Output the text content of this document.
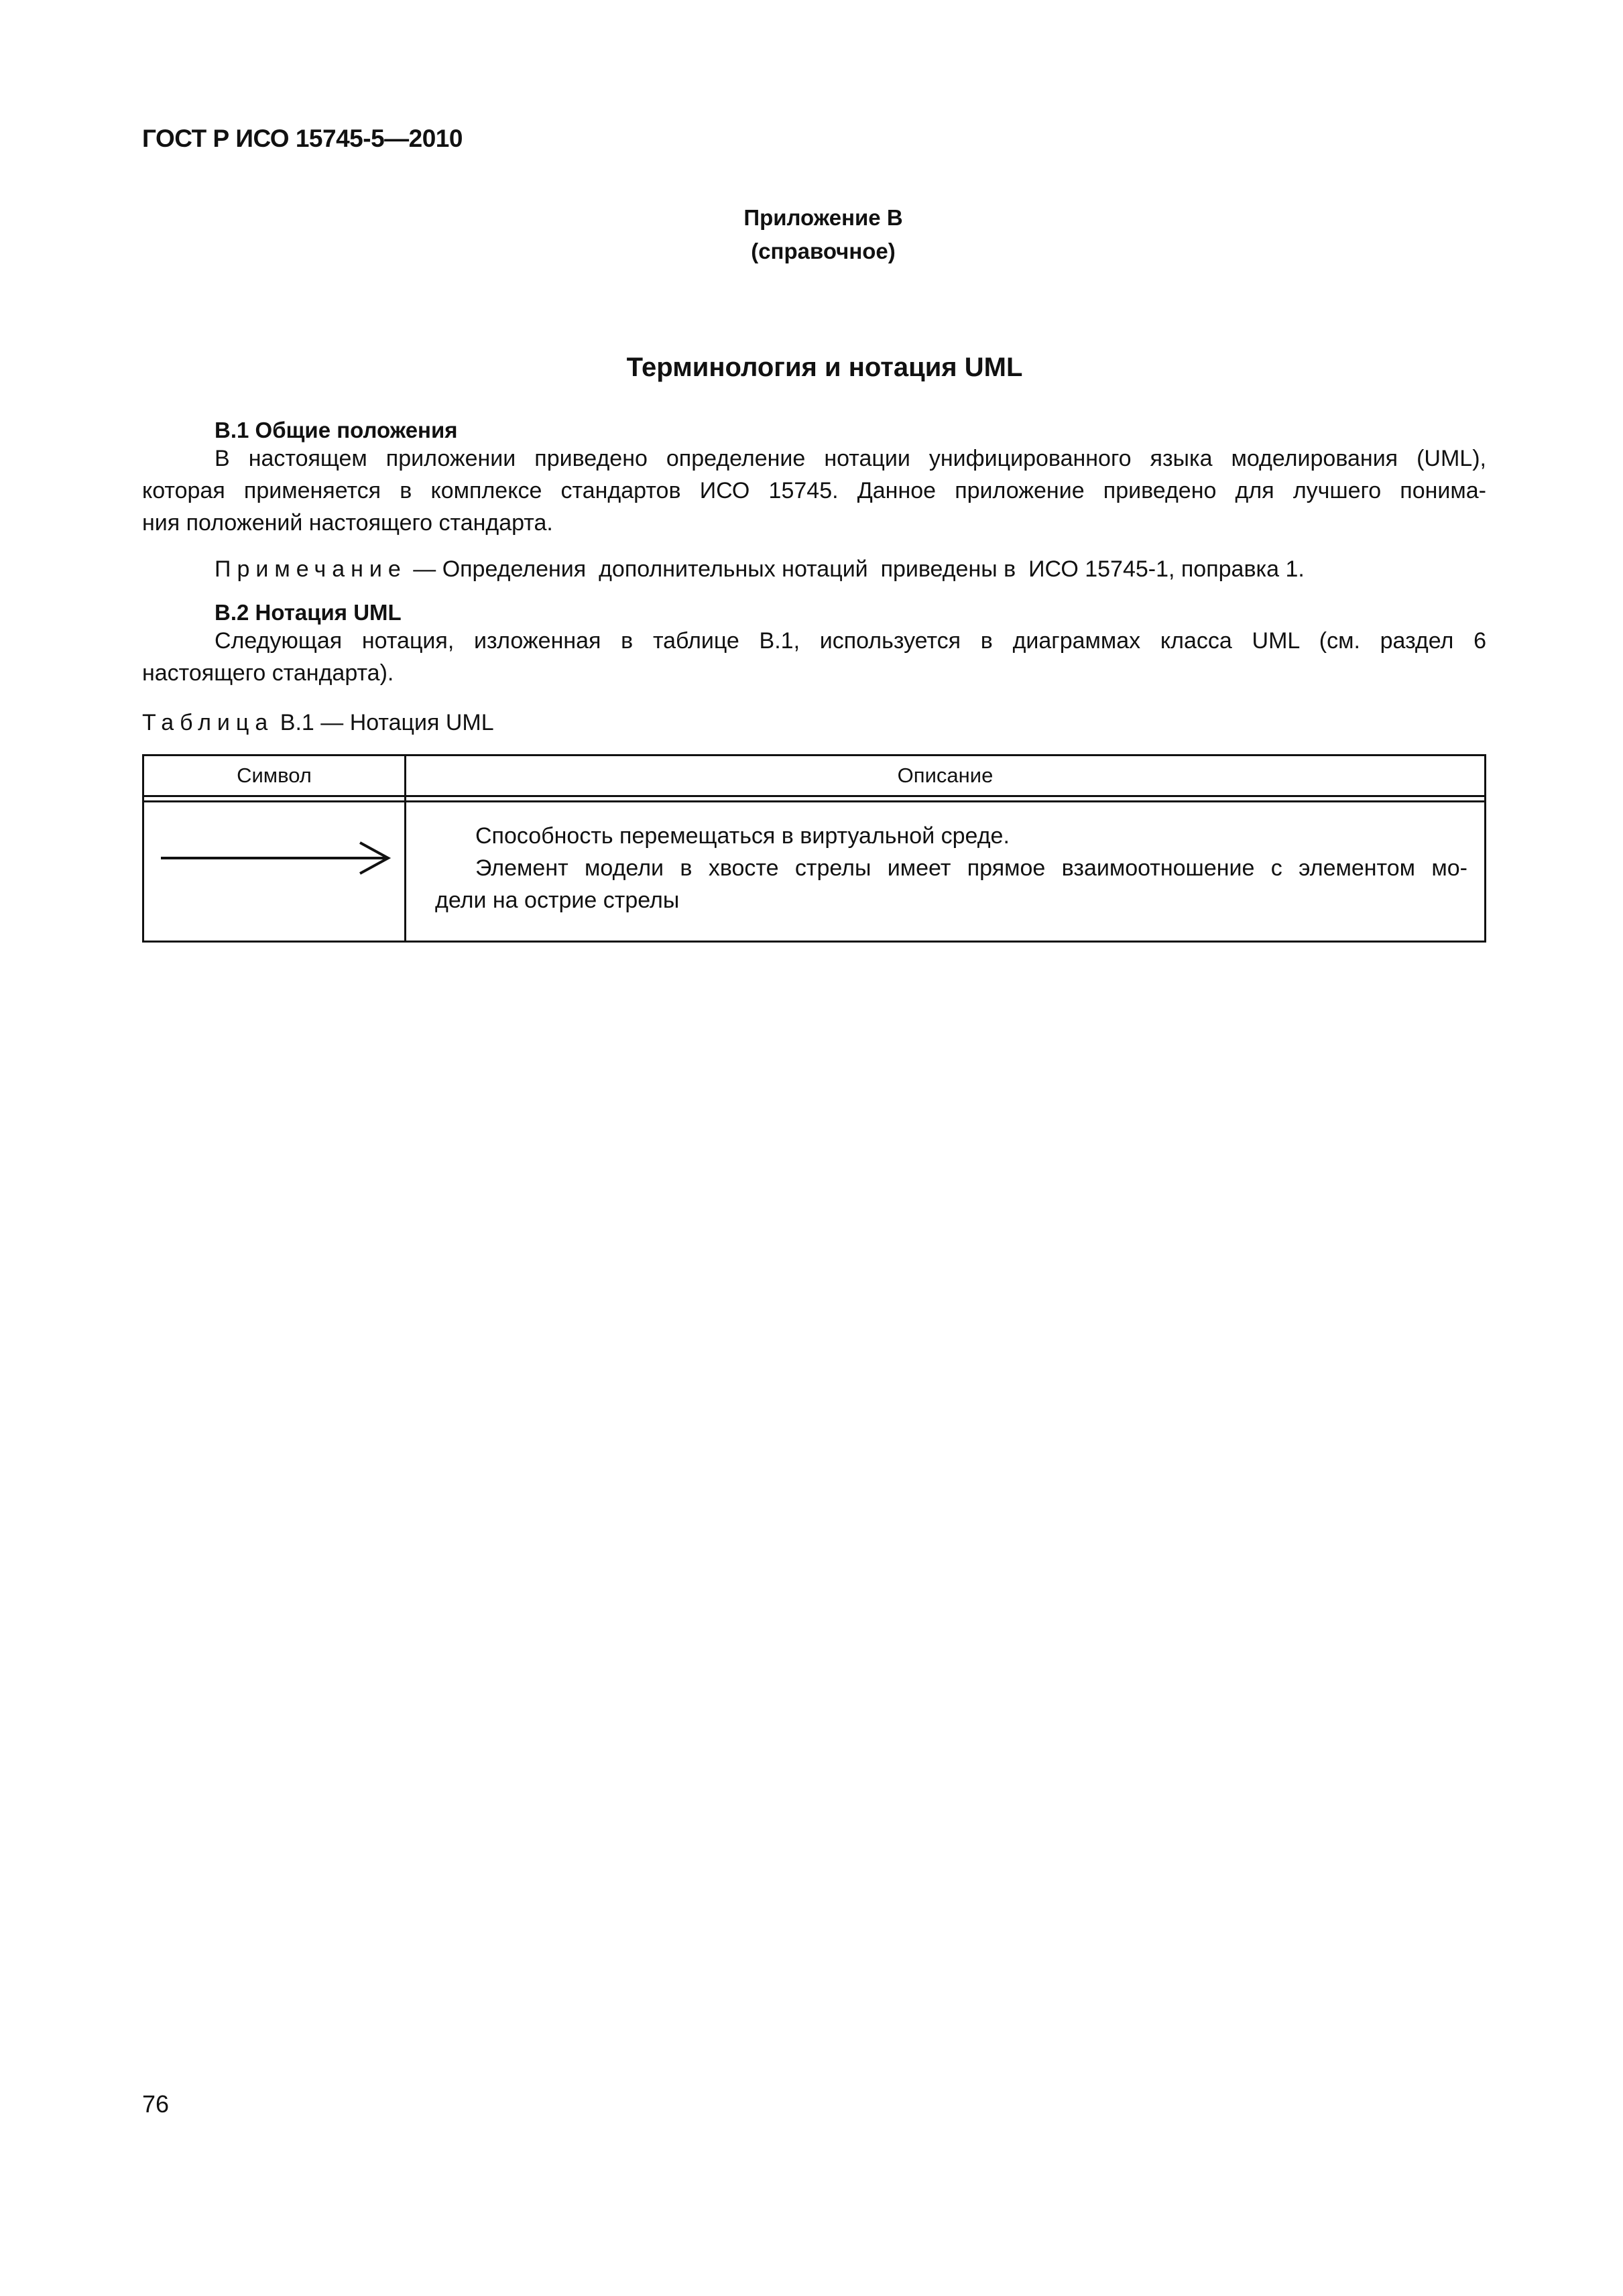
ГОСТ Р ИСО 15745-5—2010
Приложение В
(справочное)
Терминология и нотация UML
B.1 Общие положения
В настоящем приложении приведено определение нотации унифицированного языка моделирования (UML),
которая применяется в комплексе стандартов ИСО 15745. Данное приложение приведено для лучшего понима-
ния положений настоящего стандарта.
Примечание — Определения  дополнительных нотаций  приведены в  ИСО 15745-1, поправка 1.
B.2 Нотация UML
Следующая нотация, изложенная в таблице B.1, используется в диаграммах класса UML (см. раздел 6
настоящего стандарта).
Таблица B.1 — Нотация UML
Символ	Описание
Способность перемещаться в виртуальной среде.
Элемент модели в хвосте стрелы имеет прямое взаимоотношение с элементом мо-
дели на острие стрелы
76
